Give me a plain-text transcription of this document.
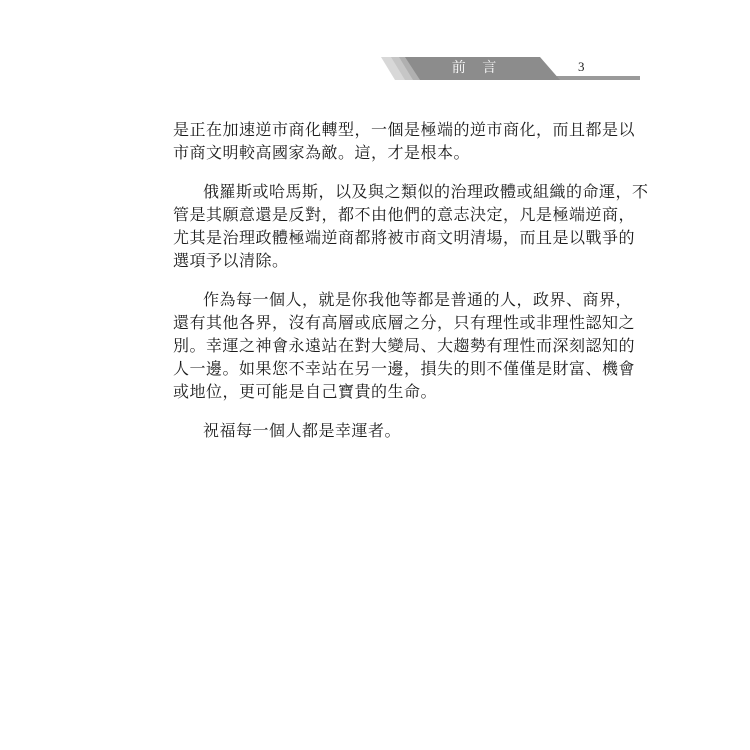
前 言	3

是正在加速逆市商化轉型，一個是極端的逆市商化，而且都是以
市商文明較高國家為敵。這，才是根本。

俄羅斯或哈馬斯，以及與之類似的治理政體或組織的命運，不
管是其願意還是反對，都不由他們的意志決定，凡是極端逆商，
尤其是治理政體極端逆商都將被市商文明清場，而且是以戰爭的
選項予以清除。

作為每一個人，就是你我他等都是普通的人，政界、商界，
還有其他各界，沒有高層或底層之分，只有理性或非理性認知之
別。幸運之神會永遠站在對大變局、大趨勢有理性而深刻認知的
人一邊。如果您不幸站在另一邊，損失的則不僅僅是財富、機會
或地位，更可能是自己寶貴的生命。

祝福每一個人都是幸運者。
